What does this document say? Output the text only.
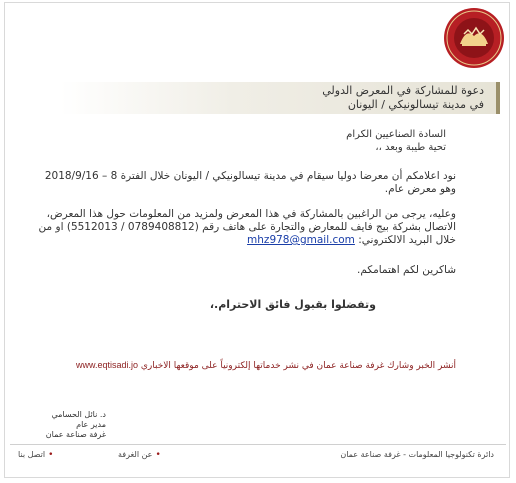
دعوة للمشاركة في المعرض الدولي
في مدينة تيسالونيكي / اليونان
السادة الصناعيين الكرام
تحية طيبة وبعد ،،
نود اعلامكم أن معرضا دوليا سيقام في مدينة تيسالونيكي / اليونان خلال الفترة 8 – 2018/9/16 وهو معرض عام.
وعليه، يرجى من الراغبين بالمشاركة في هذا المعرض ولمزيد من المعلومات حول هذا المعرض، الاتصال بشركة بيج فايف للمعارض والتجارة على هاتف رقم (0789408812 / 5512013) او من خلال البريد الالكتروني: mhz978@gmail.com
شاكرين لكم اهتمامكم.
وتفضلوا بقبول فائق الاحترام.،
أنشر الخبر وشارك غرفة صناعة عمان في نشر خدماتها إلكترونياً على موقعها الاخباري www.eqtisadi.jo
د. نائل الحسامي
مدير عام
غرفة صناعة عمان
دائرة تكنولوجيا المعلومات - غرفة صناعة عمان
•عن الغرفة
•اتصل بنا
